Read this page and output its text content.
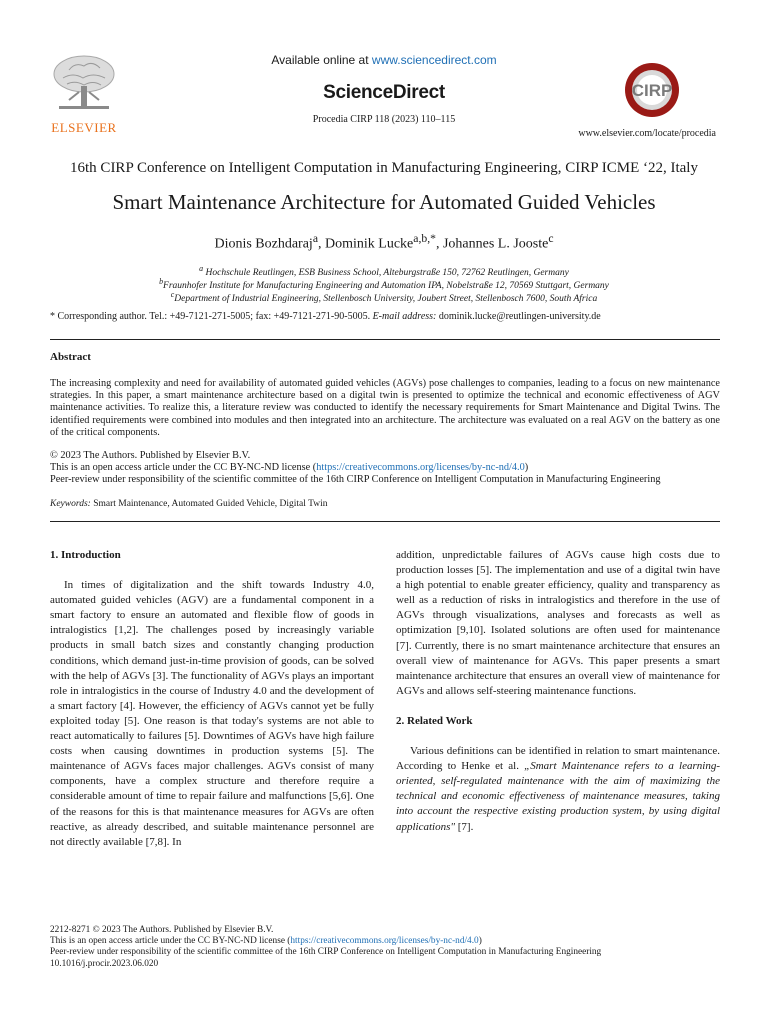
ELSEVIER
Available online at www.sciencedirect.com
ScienceDirect
Procedia CIRP 118 (2023) 110–115
CIRP
www.elsevier.com/locate/procedia
16th CIRP Conference on Intelligent Computation in Manufacturing Engineering, CIRP ICME ‘22, Italy
Smart Maintenance Architecture for Automated Guided Vehicles
Dionis Bozhdaraj$^a$, Dominik Lucke$^{a,b,*}$, Johannes L. Jooste$^c$
$^a$ Hochschule Reutlingen, ESB Business School, Alteburgstraße 150, 72762 Reutlingen, Germany
$^b$Fraunhofer Institute for Manufacturing Engineering and Automation IPA, Nobelstraße 12, 70569 Stuttgart, Germany
$^c$Department of Industrial Engineering, Stellenbosch University, Joubert Street, Stellenbosch 7600, South Africa
* Corresponding author. Tel.: +49-7121-271-5005; fax: +49-7121-271-90-5005. E-mail address: dominik.lucke@reutlingen-university.de
Abstract
The increasing complexity and need for availability of automated guided vehicles (AGVs) pose challenges to companies, leading to a focus on new maintenance strategies. In this paper, a smart maintenance architecture based on a digital twin is presented to optimize the technical and economic effectiveness of AGV maintenance activities. To realize this, a literature review was conducted to identify the necessary requirements for Smart Maintenance and Digital Twins. The identified requirements were combined into modules and then integrated into an architecture. The architecture was evaluated on a real AGV on the battery as one of the critical components.
© 2023 The Authors. Published by Elsevier B.V.
This is an open access article under the CC BY-NC-ND license (https://creativecommons.org/licenses/by-nc-nd/4.0)
Peer-review under responsibility of the scientific committee of the 16th CIRP Conference on Intelligent Computation in Manufacturing Engineering
Keywords: Smart Maintenance, Automated Guided Vehicle, Digital Twin

1. Introduction

In times of digitalization and the shift towards Industry 4.0, automated guided vehicles (AGV) are a fundamental component in a smart factory to ensure an automated and flexible flow of goods in intralogistics [1,2]. The challenges posed by increasingly variable products in small batch sizes and constantly changing production conditions, which demand just-in-time provision of goods, can be solved with the help of AGVs [3]. The functionality of AGVs plays an important role in intralogistics in the course of Industry 4.0 and the development of a smart factory [4]. However, the efficiency of AGVs cannot yet be fully exploited today [5]. One reason is that today's systems are not able to react automatically to failures [5]. Downtimes of AGVs have high failure costs when causing downtimes in production systems [5]. The maintenance of AGVs faces major challenges. AGVs consist of many components, have a complex structure and therefore require a considerable amount of time to repair failure and malfunctions [5,6]. One of the reasons for this is that maintenance measures for AGVs are often reactive, as already described, and suitable maintenance personnel are not directly available [7,8]. In

addition, unpredictable failures of AGVs cause high costs due to production losses [5]. The implementation and use of a digital twin have a high potential to enable greater efficiency, quality and transparency as well as a reduction of risks in intralogistics and therefore in the use of AGVs through visualizations, analyses and forecasts as well as optimization [9,10]. Isolated solutions are often used for maintenance [7]. Currently, there is no smart maintenance architecture that ensures an overall view of maintenance for AGVs. This paper presents a smart maintenance architecture that ensures an overall view of maintenance for AGVs and allows self-steering maintenance functions.

2. Related Work

Various definitions can be identified in relation to smart maintenance. According to Henke et al. „Smart Maintenance refers to a learning-oriented, self-regulated maintenance with the aim of maximizing the technical and economic effectiveness of maintenance measures, taking into account the respective existing production system, by using digital applications" [7].

2212-8271 © 2023 The Authors. Published by Elsevier B.V.
This is an open access article under the CC BY-NC-ND license (https://creativecommons.org/licenses/by-nc-nd/4.0)
Peer-review under responsibility of the scientific committee of the 16th CIRP Conference on Intelligent Computation in Manufacturing Engineering
10.1016/j.procir.2023.06.020
